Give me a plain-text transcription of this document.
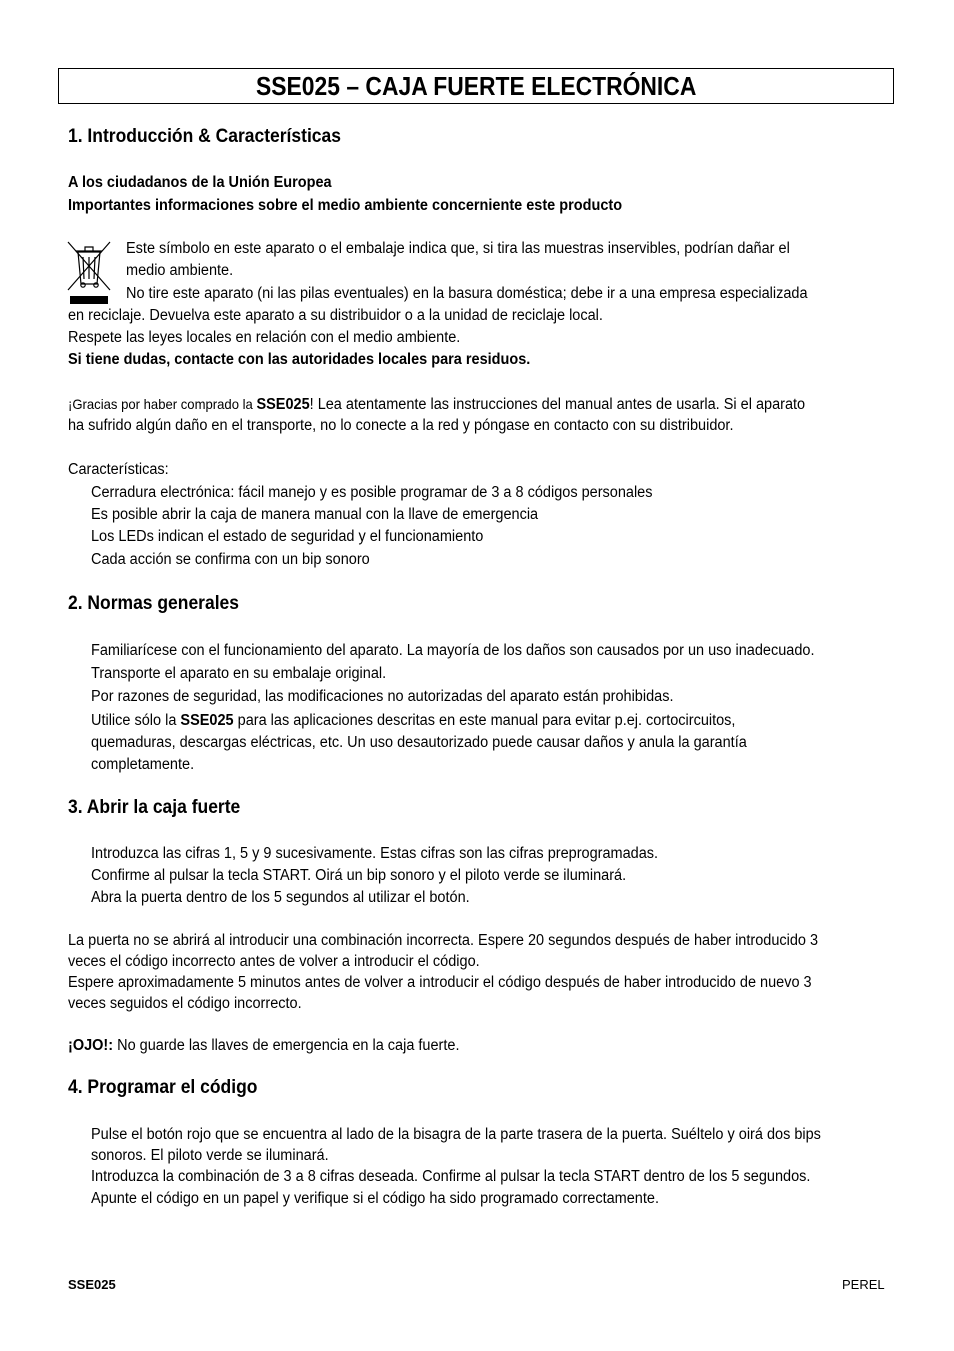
SSE025 – CAJA FUERTE ELECTRÓNICA
1. Introducción & Características
A los ciudadanos de la Unión Europea
Importantes informaciones sobre el medio ambiente concerniente este producto
Este símbolo en este aparato o el embalaje indica que, si tira las muestras inservibles, podrían dañar el
medio ambiente.
No tire este aparato (ni las pilas eventuales) en la basura doméstica; debe ir a una empresa especializada
en reciclaje. Devuelva este aparato a su distribuidor o a la unidad de reciclaje local.
Respete las leyes locales en relación con el medio ambiente.
Si tiene dudas, contacte con las autoridades locales para residuos.
¡Gracias por haber comprado la SSE025! Lea atentamente las instrucciones del manual antes de usarla. Si el aparato
ha sufrido algún daño en el transporte, no lo conecte a la red y póngase en contacto con su distribuidor.
Características:
Cerradura electrónica: fácil manejo y es posible programar de 3 a 8 códigos personales
Es posible abrir la caja de manera manual con la llave de emergencia
Los LEDs indican el estado de seguridad y el funcionamiento
Cada acción se confirma con un bip sonoro
2. Normas generales
Familiarícese con el funcionamiento del aparato. La mayoría de los daños son causados por un uso inadecuado.
Transporte el aparato en su embalaje original.
Por razones de seguridad, las modificaciones no autorizadas del aparato están prohibidas.
Utilice sólo la SSE025 para las aplicaciones descritas en este manual para evitar p.ej. cortocircuitos,
quemaduras, descargas eléctricas, etc. Un uso desautorizado puede causar daños y anula la garantía
completamente.
3. Abrir la caja fuerte
Introduzca las cifras 1, 5 y 9 sucesivamente. Estas cifras son las cifras preprogramadas.
Confirme al pulsar la tecla START. Oirá un bip sonoro y el piloto verde se iluminará.
Abra la puerta dentro de los 5 segundos al utilizar el botón.
La puerta no se abrirá al introducir una combinación incorrecta. Espere 20 segundos después de haber introducido 3
veces el código incorrecto antes de volver a introducir el código.
Espere aproximadamente 5 minutos antes de volver a introducir el código después de haber introducido de nuevo 3
veces seguidos el código incorrecto.
¡OJO!: No guarde las llaves de emergencia en la caja fuerte.
4. Programar el código
Pulse el botón rojo que se encuentra al lado de la bisagra de la parte trasera de la puerta. Suéltelo y oirá dos bips
sonoros. El piloto verde se iluminará.
Introduzca la combinación de 3 a 8 cifras deseada. Confirme al pulsar la tecla START dentro de los 5 segundos.
Apunte el código en un papel y verifique si el código ha sido programado correctamente.
SSE025	PEREL
